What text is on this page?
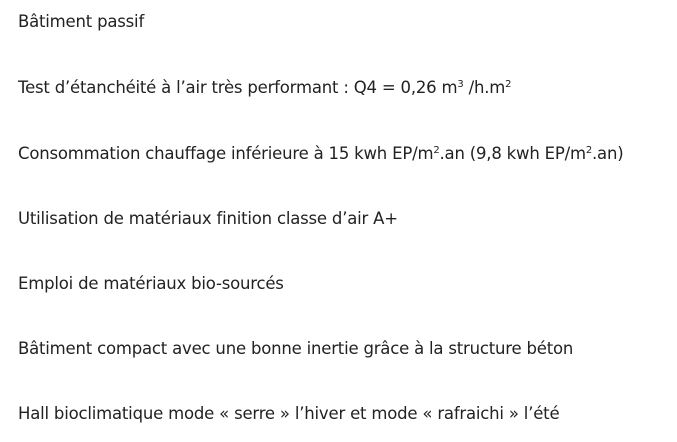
Bâtiment passif
Test d’étanchéité à l’air très performant : Q4 = 0,26 $m^3$ $/h.m^2$
Consommation chauffage inférieure à 15 kwh $EP/m^2.an$ (9,8 kwh $EP/m^2.an$)
Utilisation de matériaux finition classe d’air A+
Emploi de matériaux bio-sourcés
Bâtiment compact avec une bonne inertie grâce à la structure béton
Hall bioclimatique mode « serre » l’hiver et mode « rafraichi » l’été
